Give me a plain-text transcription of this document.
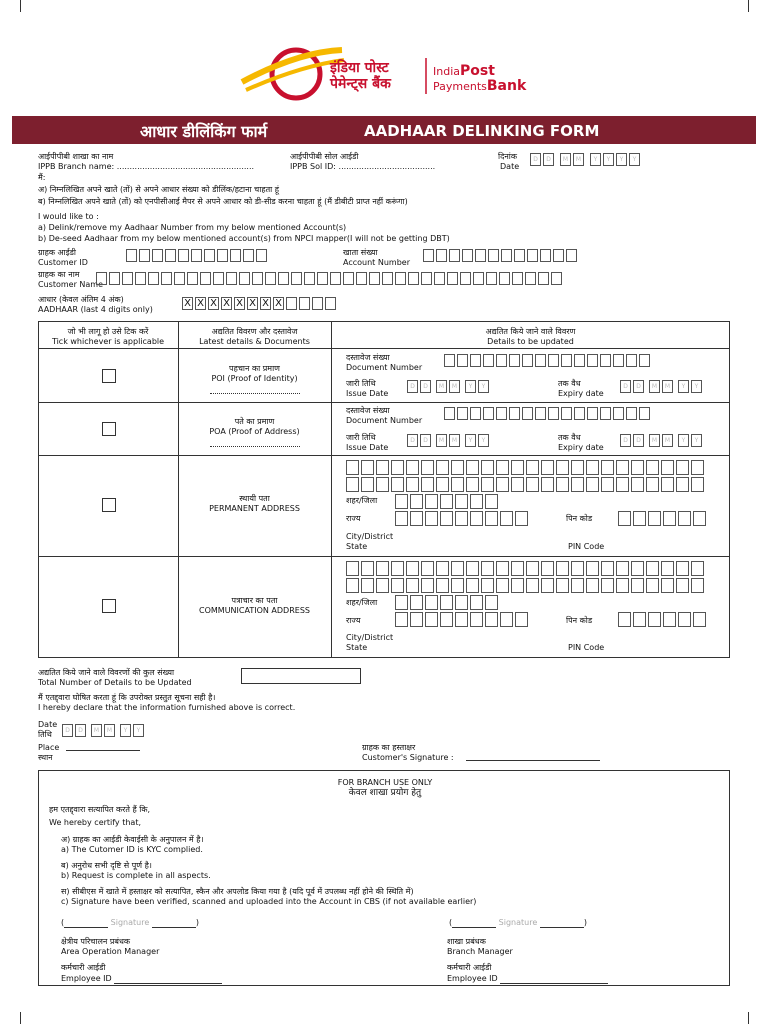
इंडिया पोस्ट
पेमेन्ट्स बैंक
IndiaPost
PaymentsBank
आधार डीलिंकिंग फार्म	AADHAAR DELINKING FORM
आईपीपीबी शाखा का नाम
IPPB Branch name: ......................................................
आईपीपीबी सोल आईडी
IPPB Sol ID: ......................................
दिनांक
Date
D D M M Y Y Y Y
मैं:
अ) निम्नलिखित अपने खाते (तों) से अपने आधार संख्या को डीलिंक/हटाना चाहता हूं
ब) निम्नलिखित अपने खाते (तों) को एनपीसीआई मैपर से अपने आधार को डी-सीड करना चाहता हूं (मैं डीबीटी प्राप्त नहीं करूंगा)
I would like to :
a) Delink/remove my Aadhaar Number from my below mentioned Account(s)
b) De-seed Aadhaar from my below mentioned account(s) from NPCI mapper(I will not be getting DBT)
ग्राहक आईडी
Customer ID
खाता संख्या
Account Number
ग्राहक का नाम
Customer Name
आधार (केवल अंतिम 4 अंक)
AADHAAR (last 4 digits only)
X X X X X X X X
जो भी लागू हो उसे टिक करें
Tick whichever is applicable
अद्यतित विवरण और दस्तावेज
Latest details & Documents
अद्यतित किये जाने वाले विवरण
Details to be updated
पहचान का प्रमाण
POI (Proof of Identity)
दस्तावेज संख्या
Document Number
जारी तिथि
Issue Date
D D M M Y Y	तक वैध
Expiry date
D D M M Y Y
पते का प्रमाण
POA (Proof of Address)
दस्तावेज संख्या
Document Number
जारी तिथि
Issue Date
D D M M Y Y	तक वैध
Expiry date
D D M M Y Y
स्थायी पता
PERMANENT ADDRESS
शहर/जिला
राज्य	पिन कोड
City/District
State	PIN Code
पत्राचार का पता
COMMUNICATION ADDRESS
शहर/जिला
राज्य	पिन कोड
City/District
State	PIN Code
अद्यतित किये जाने वाले विवरणों की कुल संख्या
Total Number of Details to be Updated
मैं एतद्द्वारा घोषित करता हूं कि उपरोक्त प्रस्तुत सूचना सही है।
I hereby declare that the information furnished above is correct.
Date
तिथि	D D M M Y Y
Place
स्थान
ग्राहक का हस्ताक्षर
Customer's Signature :
FOR BRANCH USE ONLY
केवल शाखा प्रयोग हेतु
हम एतद्द्वारा सत्यापित करते हैं कि,
We hereby certify that,
अ) ग्राहक का आईडी केवाईसी के अनुपालन में है।
a) The Cutomer ID is KYC complied.
ब) अनुरोध सभी दृष्टि से पूर्ण है।
b) Request is complete in all aspects.
स) सीबीएस में खाते में हस्ताक्षर को सत्यापित, स्कैन और अपलोड किया गया है (यदि पूर्व में उपलब्ध नहीं होने की स्थिति में)
c) Signature have been verified, scanned and uploaded into the Account in CBS (if not available earlier)
(	Signature	)	(	Signature	)
क्षेत्रीय परिचालन प्रबंधक
Area Operation Manager
शाखा प्रबंधक
Branch Manager
कर्मचारी आईडी
Employee ID
कर्मचारी आईडी
Employee ID
